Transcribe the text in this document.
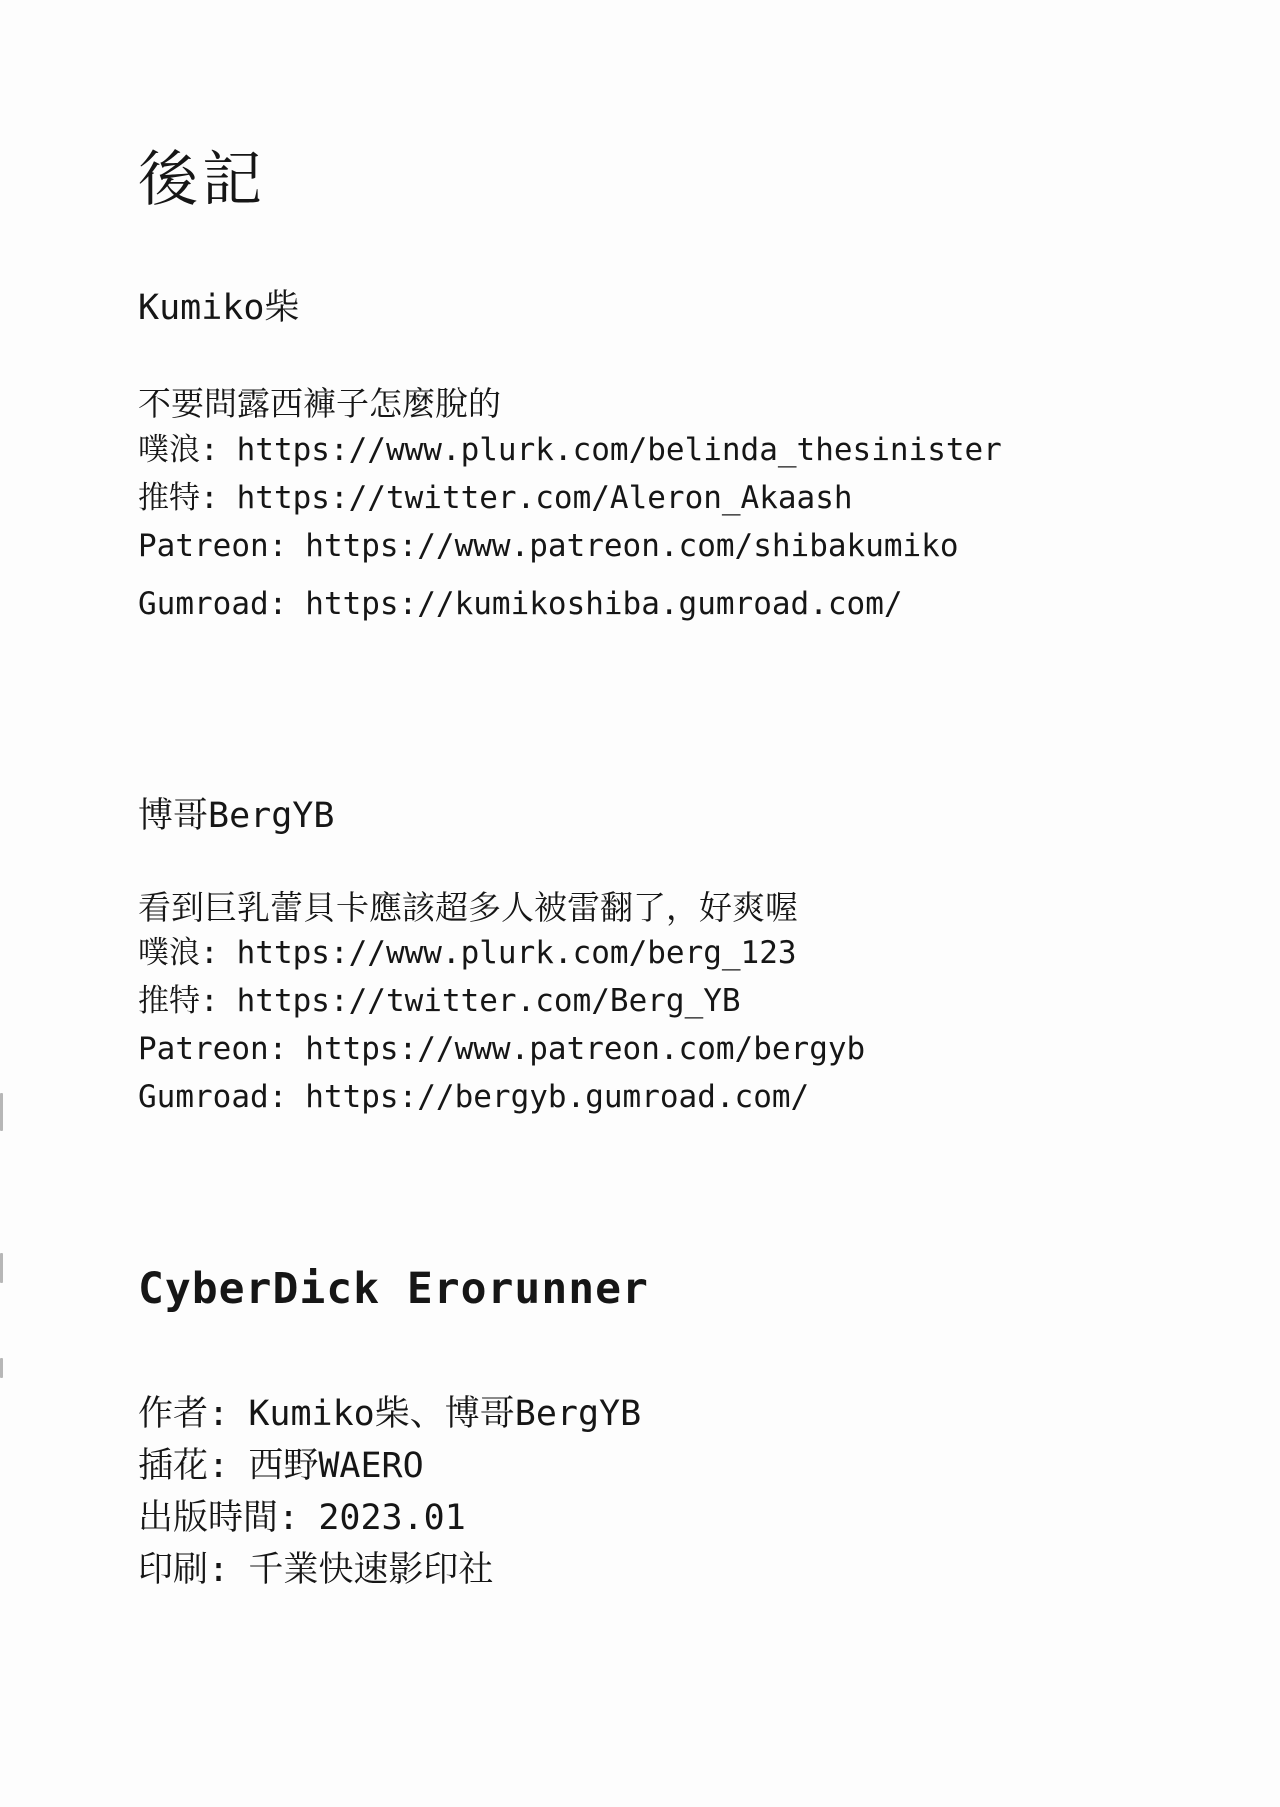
後記
Kumiko柴
不要問露西褲子怎麼脫的
噗浪: https://www.plurk.com/belinda_thesinister
推特: https://twitter.com/Aleron_Akaash
Patreon: https://www.patreon.com/shibakumiko
Gumroad: https://kumikoshiba.gumroad.com/
博哥BergYB
看到巨乳蕾貝卡應該超多人被雷翻了，好爽喔
噗浪: https://www.plurk.com/berg_123
推特: https://twitter.com/Berg_YB
Patreon: https://www.patreon.com/bergyb
Gumroad: https://bergyb.gumroad.com/
CyberDick Erorunner
作者: Kumiko柴、博哥BergYB
插花: 西野WAERO
出版時間: 2023.01
印刷: 千業快速影印社
